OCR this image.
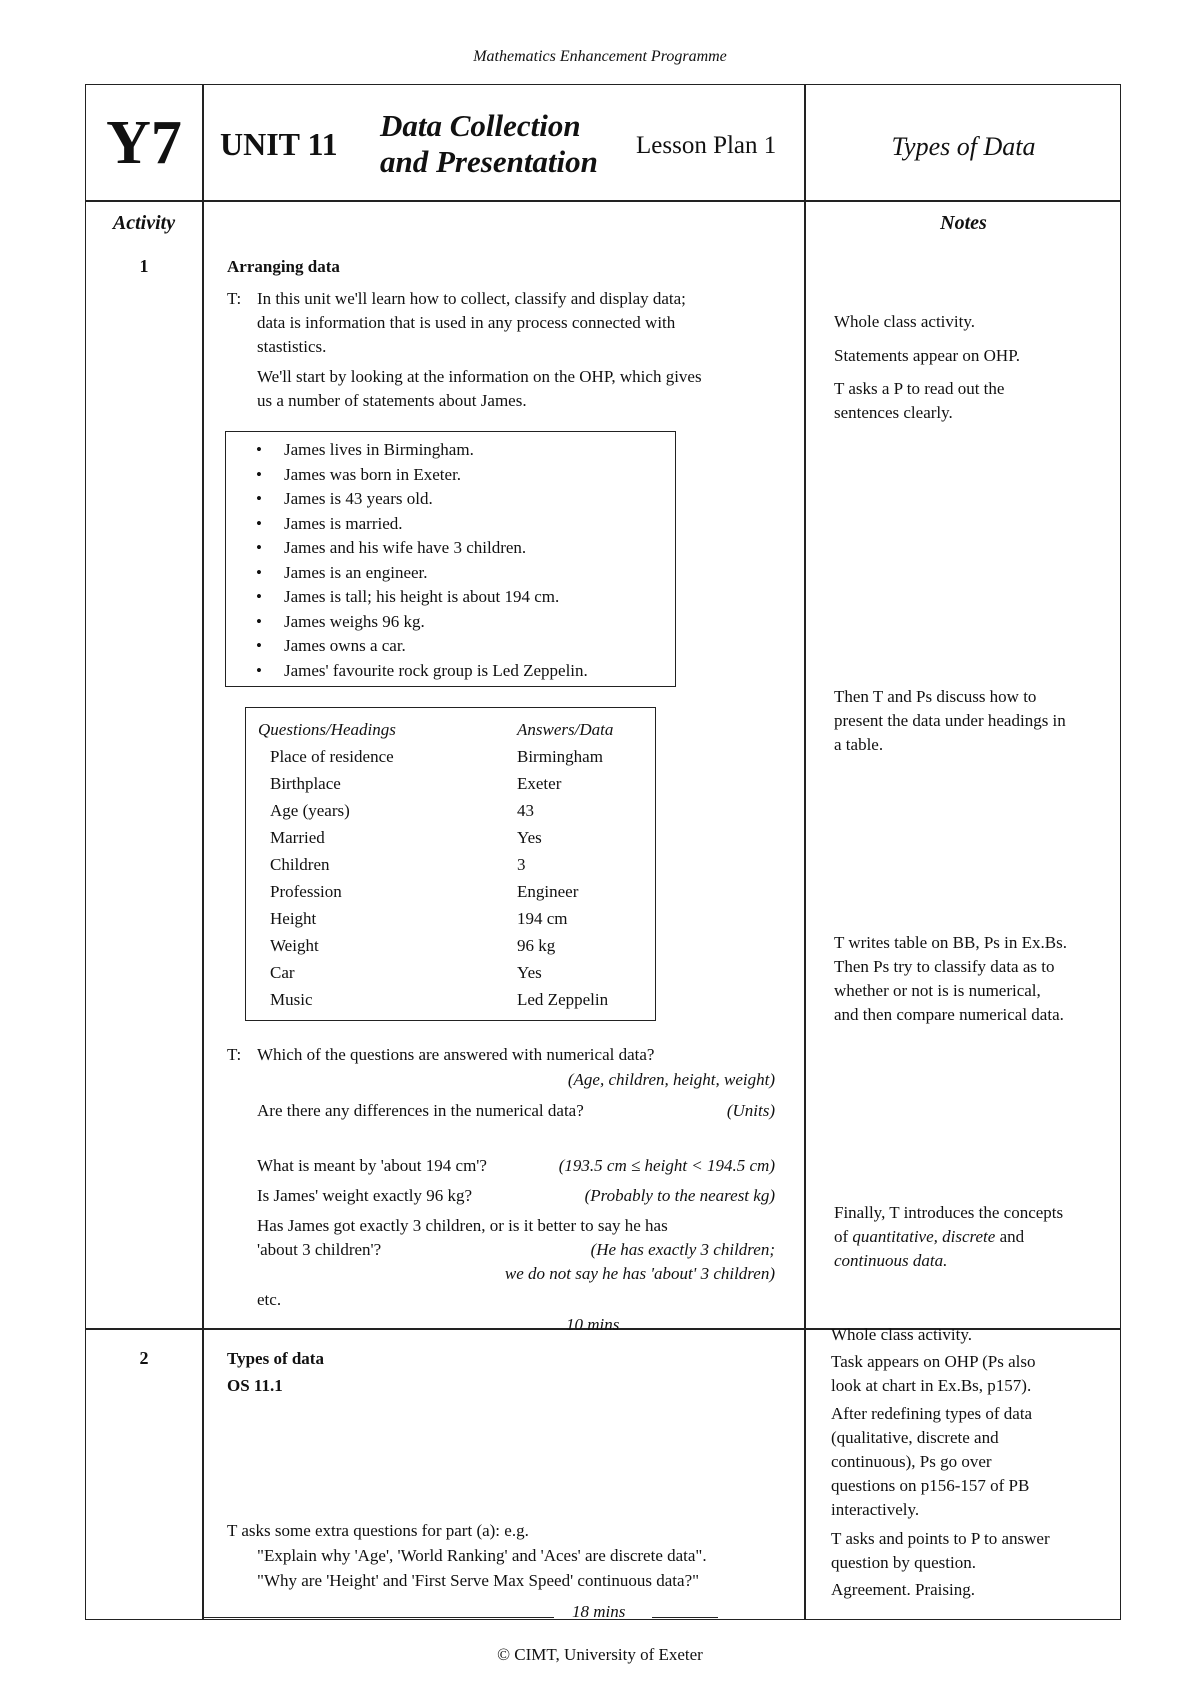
Mathematics Enhancement Programme
Y7	UNIT 11
Data Collection
and Presentation Lesson Plan 1	Types of Data
Activity	Notes
1	Arranging data
T: In this unit we'll learn how to collect, classify and display data;
data is information that is used in any process connected with
stastistics.
We'll start by looking at the information on the OHP, which gives
us a number of statements about James.
• James lives in Birmingham.
• James was born in Exeter.
• James is 43 years old.
• James is married.
• James and his wife have 3 children.
• James is an engineer.
• James is tall; his height is about 194 cm.
• James weighs 96 kg.
• James owns a car.
• James' favourite rock group is Led Zeppelin.
Questions/Headings	Answers/Data
Place of residence	Birmingham
Birthplace	Exeter
Age (years)	43
Married	Yes
Children	3
Profession	Engineer
Height	194 cm
Weight	96 kg
Car	Yes
Music	Led Zeppelin
T: Which of the questions are answered with numerical data?
(Age, children, height, weight)
Are there any differences in the numerical data?	(Units)
What is meant by 'about 194 cm'?	(193.5 cm ≤ height < 194.5 cm)
Is James' weight exactly 96 kg?	(Probably to the nearest kg)
Has James got exactly 3 children, or is it better to say he has
'about 3 children'?	(He has exactly 3 children;
we do not say he has 'about' 3 children)
etc.
10 mins
Whole class activity.
Statements appear on OHP.
T asks a P to read out the
sentences clearly.
Then T and Ps discuss how to
present the data under headings in
a table.
T writes table on BB, Ps in Ex.Bs.
Then Ps try to classify data as to
whether or not is is numerical,
and then compare numerical data.
Finally, T introduces the concepts
of quantitative, discrete and
continuous data.
2	Types of data
OS 11.1
T asks some extra questions for part (a): e.g.
"Explain why 'Age', 'World Ranking' and 'Aces' are discrete data".
"Why are 'Height' and 'First Serve Max Speed' continuous data?"
18 mins
Whole class activity.
Task appears on OHP (Ps also
look at chart in Ex.Bs, p157).
After redefining types of data
(qualitative, discrete and
continuous), Ps go over
questions on p156-157 of PB
interactively.
T asks and points to P to answer
question by question.
Agreement. Praising.
© CIMT, University of Exeter
